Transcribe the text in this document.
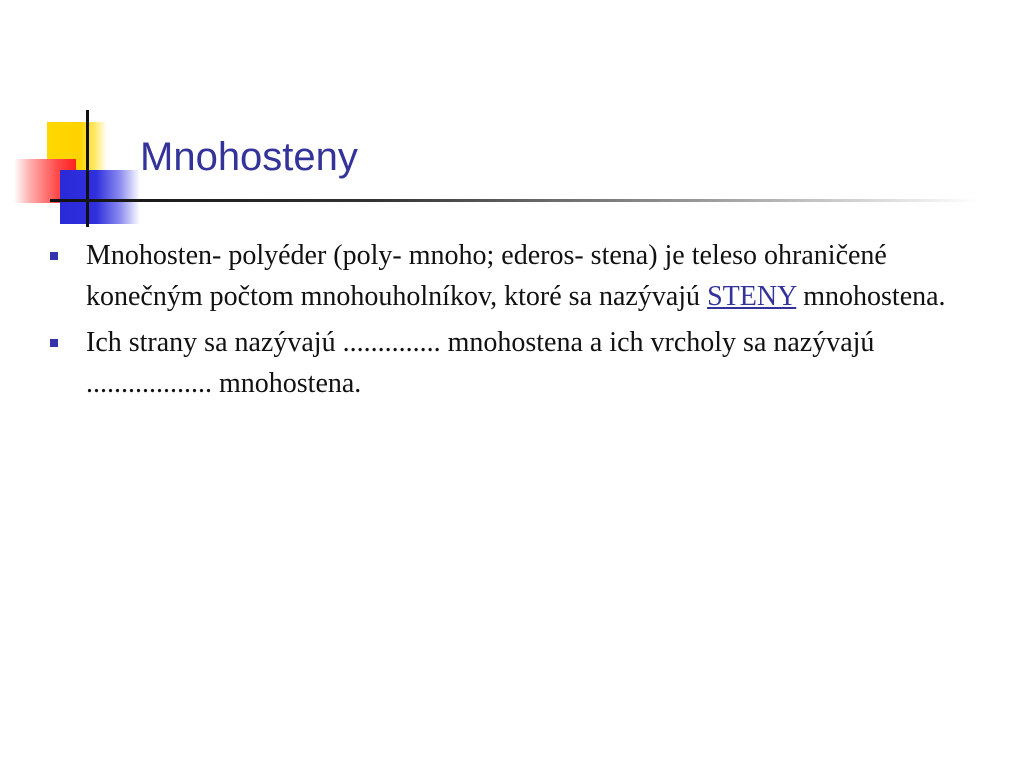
Mnohosteny
Mnohosten- polyéder (poly- mnoho; ederos- stena) je teleso ohraničené konečným počtom mnohouholníkov, ktoré sa nazývajú STENY mnohostena.
Ich strany sa nazývajú .............. mnohostena a ich vrcholy sa nazývajú .................. mnohostena.
